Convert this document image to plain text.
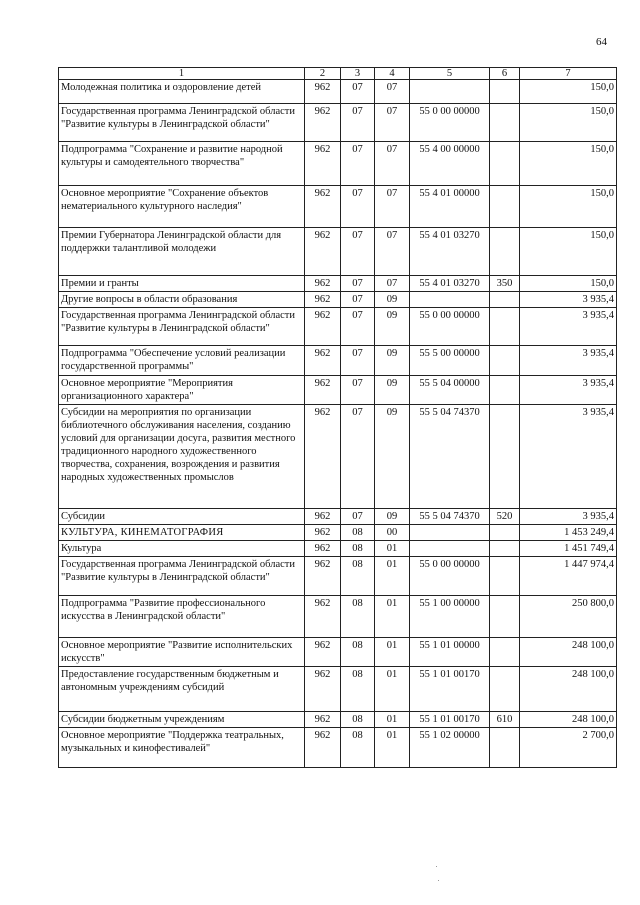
64
1	2	3	4	5	6	7
Молодежная политика и оздоровление детей	962	07	07			150,0
Государственная программа Ленинградской области "Развитие культуры в Ленинградской области"	962	07	07	55 0 00 00000		150,0
Подпрограмма "Сохранение и развитие народной культуры и самодеятельного творчества"	962	07	07	55 4 00 00000		150,0
Основное мероприятие "Сохранение объектов нематериального культурного наследия"	962	07	07	55 4 01 00000		150,0
Премии Губернатора Ленинградской области для поддержки талантливой молодежи	962	07	07	55 4 01 03270		150,0
Премии и гранты	962	07	07	55 4 01 03270	350	150,0
Другие вопросы в области образования	962	07	09			3 935,4
Государственная программа Ленинградской области "Развитие культуры в Ленинградской области"	962	07	09	55 0 00 00000		3 935,4
Подпрограмма "Обеспечение условий реализации государственной программы"	962	07	09	55 5 00 00000		3 935,4
Основное мероприятие "Мероприятия организационного характера"	962	07	09	55 5 04 00000		3 935,4
Субсидии на мероприятия по организации библиотечного обслуживания населения, созданию условий для организации досуга, развития местного традиционного народного художественного творчества, сохранения, возрождения и развития народных художественных промыслов	962	07	09	55 5 04 74370		3 935,4
Субсидии	962	07	09	55 5 04 74370	520	3 935,4
КУЛЬТУРА, КИНЕМАТОГРАФИЯ	962	08	00			1 453 249,4
Культура	962	08	01			1 451 749,4
Государственная программа Ленинградской области "Развитие культуры в Ленинградской области"	962	08	01	55 0 00 00000		1 447 974,4
Подпрограмма "Развитие профессионального искусства в Ленинградской области"	962	08	01	55 1 00 00000		250 800,0
Основное мероприятие "Развитие исполнительских искусств"	962	08	01	55 1 01 00000		248 100,0
Предоставление государственным бюджетным и автономным учреждениям субсидий	962	08	01	55 1 01 00170		248 100,0
Субсидии бюджетным учреждениям	962	08	01	55 1 01 00170	610	248 100,0
Основное мероприятие "Поддержка театральных, музыкальных и кинофестивалей"	962	08	01	55 1 02 00000		2 700,0
